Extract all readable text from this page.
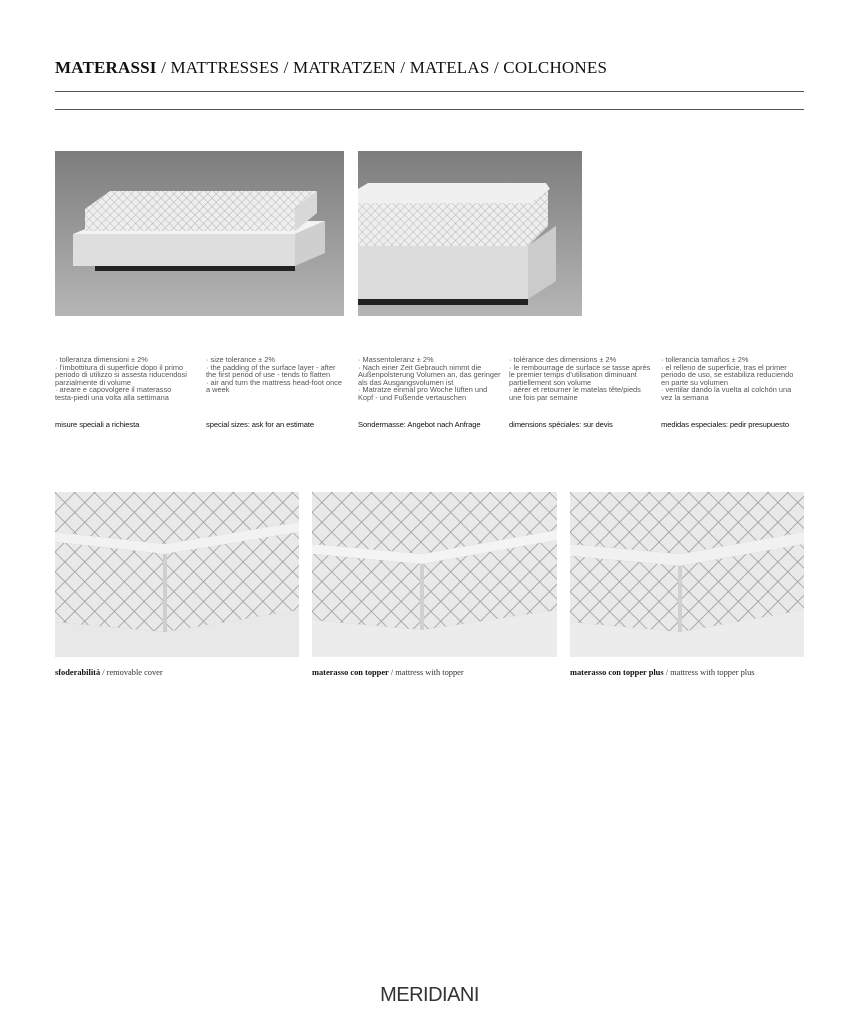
MATERASSI / MATTRESSES / MATRATZEN / MATELAS / COLCHONES
· tolleranza dimensioni ± 2%
· l’imbottitura di superficie dopo il primo
periodo di utilizzo si assesta riducendosi
parzialmente di volume
· areare e capovolgere il materasso
testa-piedi una volta alla settimana
misure speciali a richiesta
· size tolerance ± 2%
· the padding of the surface layer - after
the first period of use - tends to flatten
· air and turn the mattress head-foot once
a week
special sizes: ask for an estimate
· Massentoleranz ± 2%
· Nach einer Zeit Gebrauch nimmt die
Außenpolsterung Volumen an, das geringer
als das Ausgangsvolumen ist
· Matratze einmal pro Woche lüften und
Kopf - und Fußende vertauschen
Sondermasse: Angebot nach Anfrage
· tolérance des dimensions ± 2%
· le rembourrage de surface se tasse après
le premier temps d’utilisation diminuant
partiellement son volume
· aérer et retourner le matelas tête/pieds
une fois par semaine
dimensions spéciales: sur devis
· tollerancia tamaños ± 2%
· el relleno de superficie, tras el primer
periodo de uso, se estabiliza reduciendo
en parte su volumen
· ventilar dando la vuelta al colchón una
vez la semana
medidas especiales: pedir presupuesto
sfoderabilità / removable cover	materasso con topper / mattress with topper	materasso con topper plus / mattress with topper plus
MERIDIANI
